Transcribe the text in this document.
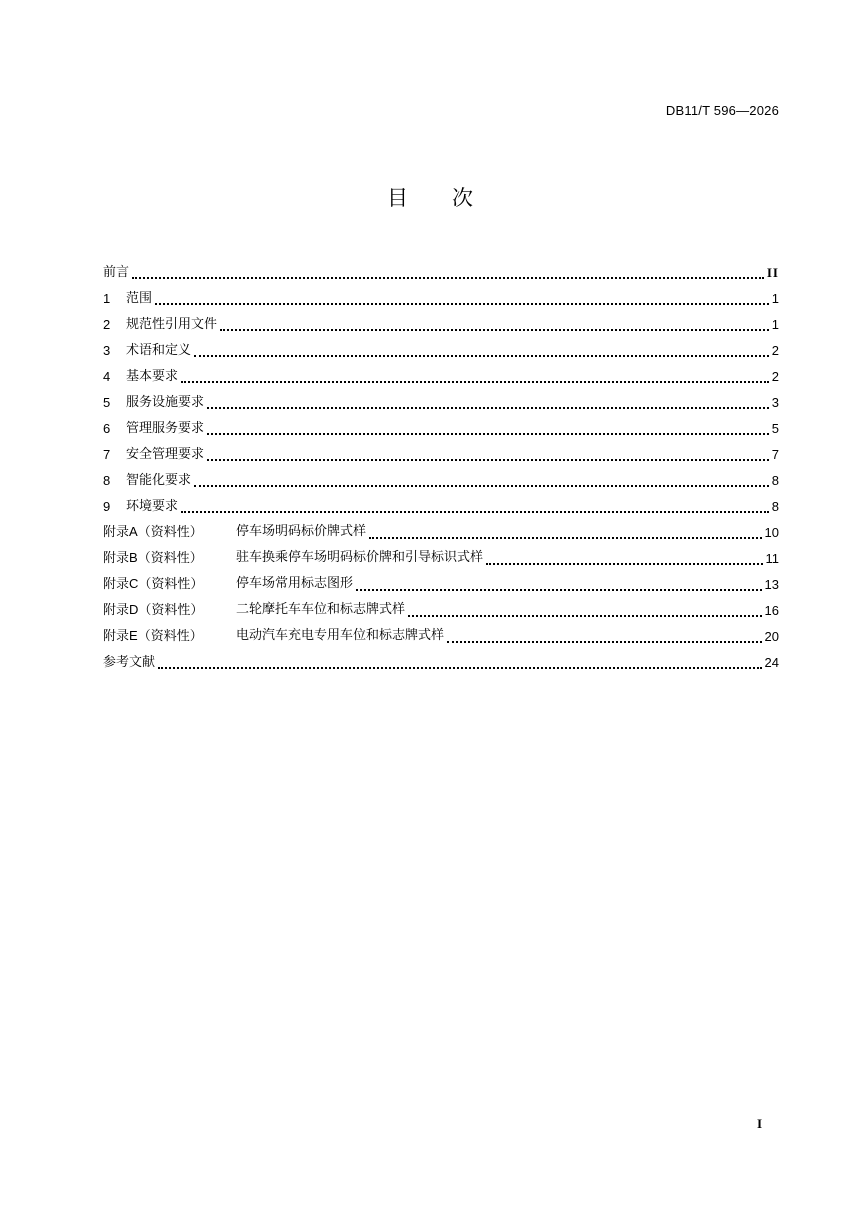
DB11/T 596—2026
目 次
前言	II
1	范围	1
2	规范性引用文件	1
3	术语和定义	2
4	基本要求	2
5	服务设施要求	3
6	管理服务要求	5
7	安全管理要求	7
8	智能化要求	8
9	环境要求	8
附录A（资料性）	停车场明码标价牌式样	10
附录B（资料性）	驻车换乘停车场明码标价牌和引导标识式样	11
附录C（资料性）	停车场常用标志图形	13
附录D（资料性）	二轮摩托车车位和标志牌式样	16
附录E（资料性）	电动汽车充电专用车位和标志牌式样	20
参考文献	24
I
